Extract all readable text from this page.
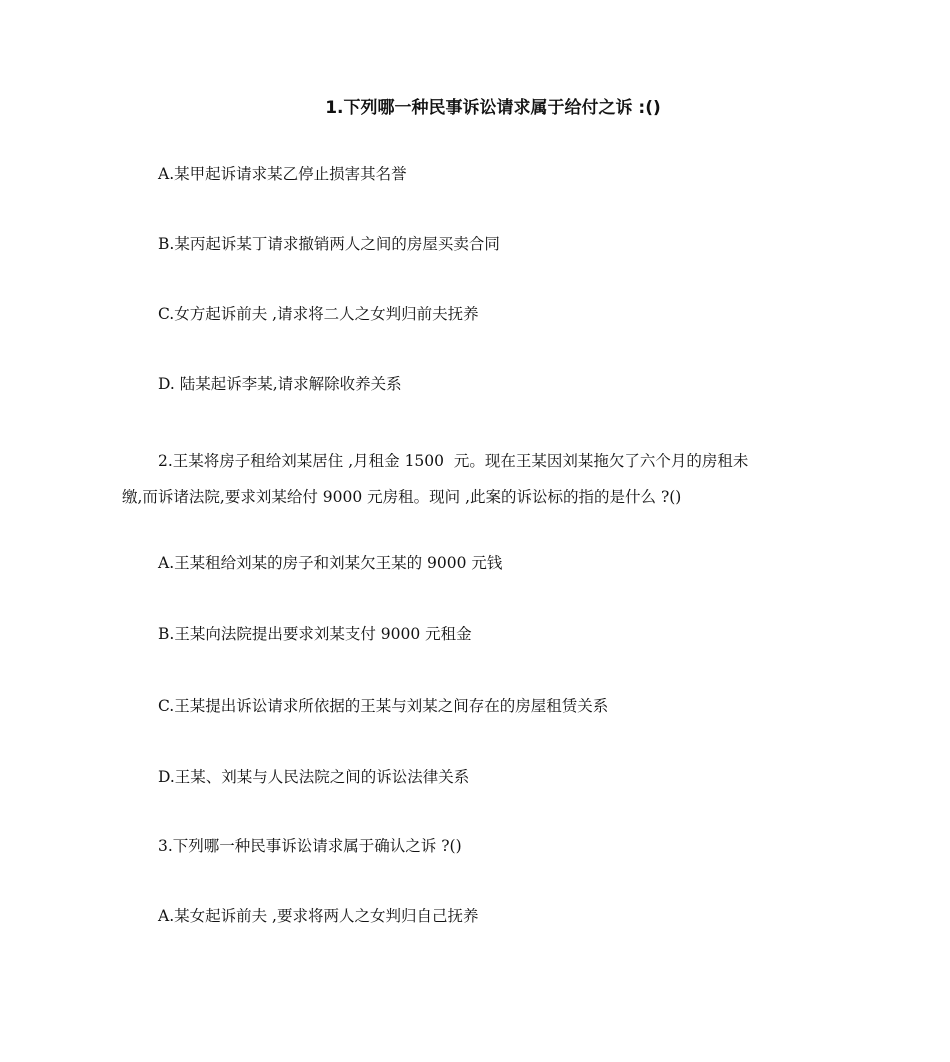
1.下列哪一种民事诉讼请求属于给付之诉 :()
A.某甲起诉请求某乙停止损害其名誉
B.某丙起诉某丁请求撤销两人之间的房屋买卖合同
C.女方起诉前夫 ,请求将二人之女判归前夫抚养
D. 陆某起诉李某,请求解除收养关系
2.王某将房子租给刘某居住 ,月租金 1500  元。现在王某因刘某拖欠了六个月的房租未
缴,而诉诸法院,要求刘某给付 9000 元房租。现问 ,此案的诉讼标的指的是什么 ?()
A.王某租给刘某的房子和刘某欠王某的 9000 元钱
B.王某向法院提出要求刘某支付 9000 元租金
C.王某提出诉讼请求所依据的王某与刘某之间存在的房屋租赁关系
D.王某、刘某与人民法院之间的诉讼法律关系
3.下列哪一种民事诉讼请求属于确认之诉 ?()
A.某女起诉前夫 ,要求将两人之女判归自己抚养
